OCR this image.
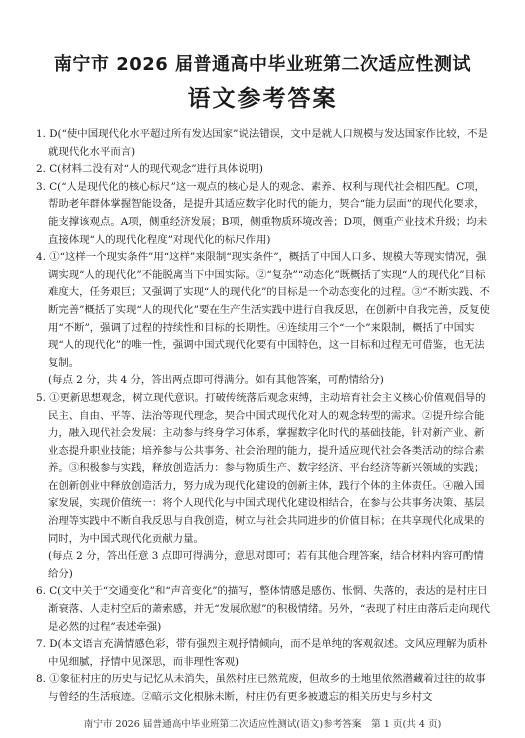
南宁市 2026 届普通高中毕业班第二次适应性测试
语文参考答案

1. D(“使中国现代化水平超过所有发达国家”说法错误，文中是就人口规模与发达国家作比较，不是就现代化水平而言)

2. C(材料二没有对“人的现代观念”进行具体说明)

3. C(“人是现代化的核心标尺”这一观点的核心是人的观念、素养、权利与现代社会相匹配。C项，帮助老年群体掌握智能设备，是提升其适应数字化时代的能力，契合“能力层面”的现代化要求，能支撑该观点。A项，侧重经济发展；B项，侧重物质环境改善；D项，侧重产业技术升级；均未直接体现“人的现代化程度”对现代化的标尺作用)

4. ①“这样一个现实条件”用“这样”来限制“现实条件”，概括了中国人口多、规模大等现实情况，强调实现“人的现代化”不能脱离当下中国实际。②“复杂”“动态化”既概括了实现“人的现代化”目标难度大，任务艰巨；又强调了实现“人的现代化”的目标是一个动态变化的过程。③“不断实践、不断完善”概括了实现“人的现代化”要在生产生活实践中进行自我反思，在创新中自我完善，反复使用“不断”，强调了过程的持续性和目标的长期性。④连续用三个“一个”来限制，概括了中国实现“人的现代化”的唯一性，强调中国式现代化要有中国特色，这一目标和过程无可借鉴，也无法复制。

(每点 2 分，共 4 分，答出两点即可得满分。如有其他答案，可酌情给分)

5. ①更新思想观念，树立现代意识。打破传统落后观念束缚，主动培育社会主义核心价值观倡导的民主、自由、平等、法治等现代理念，契合中国式现代化对人的观念转型的需求。②提升综合能力，融入现代社会发展：主动参与终身学习体系，掌握数字化时代的基础技能，针对新产业、新业态提升职业技能；培养参与公共事务、社会治理的能力，提升适应现代社会各类活动的综合素养。③积极参与实践，释放创造活力：参与物质生产、数字经济、平台经济等新兴领域的实践；在创新创业中释放创造活力，努力成为现代化建设的创新主体，践行个体的主体责任。④融入国家发展，实现价值统一：将个人现代化与中国式现代化建设相结合，在参与公共事务决策、基层治理等实践中不断自我反思与自我创造，树立与社会共同进步的价值目标；在共享现代化成果的同时，为中国式现代化贡献力量。

(每点 2 分，答出任意 3 点即可得满分，意思对即可；若有其他合理答案，结合材料内容可酌情给分)

6. C(文中关于“交通变化”和“声音变化”的描写，整体情感是感伤、怅惘、失落的，表达的是村庄日渐衰落、人走村空后的萧索感，并无“发展欣慰”的积极情绪。另外，“表现了村庄由落后走向现代是必然的过程”表述牵强)

7. D(本文语言充满情感色彩，带有强烈主观抒情倾向，而不是单纯的客观叙述。文风应理解为质朴中见细腻，抒情中见深思，而非理性客观)

8. ①象征村庄的历史与记忆从未消失，虽然村庄已然荒废，但故乡的土地里依然潜藏着过往的故事与曾经的生活痕迹。②暗示文化根脉未断，村庄仍有更多被遗忘的相关历史与乡村文

南宁市 2026 届普通高中毕业班第二次适应性测试(语文)参考答案　第 1 页(共 4 页)
